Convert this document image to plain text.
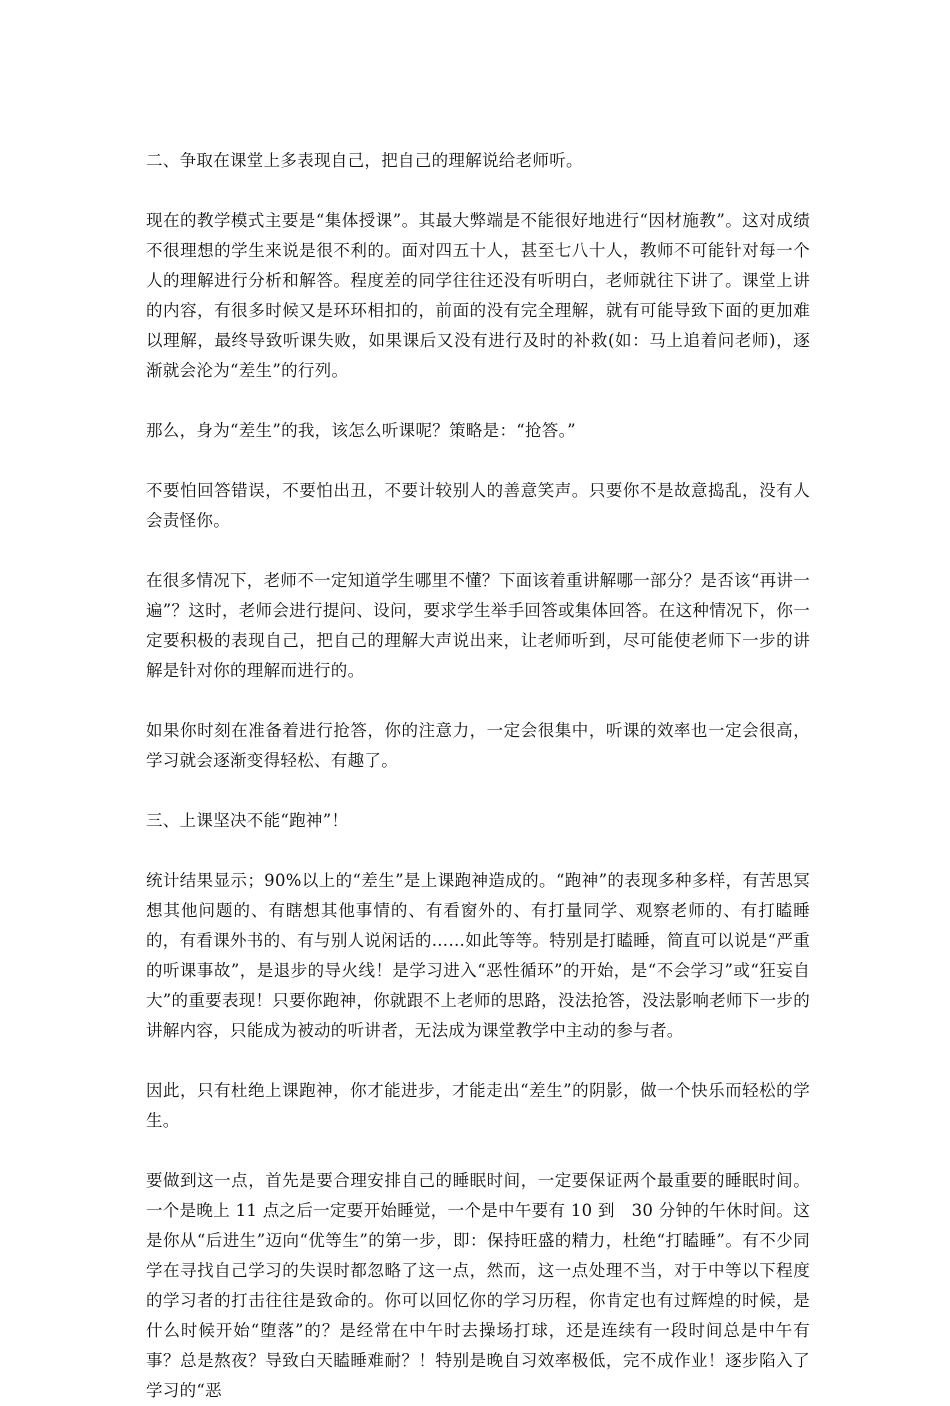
二、争取在课堂上多表现自己，把自己的理解说给老师听。

现在的教学模式主要是“集体授课”。其最大弊端是不能很好地进行“因材施教”。这对成绩不很理想的学生来说是很不利的。面对四五十人，甚至七八十人，教师不可能针对每一个人的理解进行分析和解答。程度差的同学往往还没有听明白，老师就往下讲了。课堂上讲的内容，有很多时候又是环环相扣的，前面的没有完全理解，就有可能导致下面的更加难以理解，最终导致听课失败，如果课后又没有进行及时的补救(如：马上追着问老师)，逐渐就会沦为“差生”的行列。

那么，身为“差生”的我，该怎么听课呢？策略是：“抢答。”

不要怕回答错误，不要怕出丑，不要计较别人的善意笑声。只要你不是故意捣乱，没有人会责怪你。

在很多情况下，老师不一定知道学生哪里不懂？下面该着重讲解哪一部分？是否该“再讲一遍”？这时，老师会进行提问、设问，要求学生举手回答或集体回答。在这种情况下，你一定要积极的表现自己，把自己的理解大声说出来，让老师听到，尽可能使老师下一步的讲解是针对你的理解而进行的。

如果你时刻在准备着进行抢答，你的注意力，一定会很集中，听课的效率也一定会很高，学习就会逐渐变得轻松、有趣了。

三、上课坚决不能“跑神”！

统计结果显示；90%以上的“差生”是上课跑神造成的。“跑神”的表现多种多样，有苦思冥想其他问题的、有瞎想其他事情的、有看窗外的、有打量同学、观察老师的、有打瞌睡的，有看课外书的、有与别人说闲话的……如此等等。特别是打瞌睡，简直可以说是“严重的听课事故”，是退步的导火线！是学习进入“恶性循环”的开始，是“不会学习”或“狂妄自大”的重要表现！只要你跑神，你就跟不上老师的思路，没法抢答，没法影响老师下一步的讲解内容，只能成为被动的听讲者，无法成为课堂教学中主动的参与者。

因此，只有杜绝上课跑神，你才能进步，才能走出“差生”的阴影，做一个快乐而轻松的学生。

要做到这一点，首先是要合理安排自己的睡眠时间，一定要保证两个最重要的睡眠时间。一个是晚上 11 点之后一定要开始睡觉，一个是中午要有 10 到　30 分钟的午休时间。这是你从“后进生”迈向“优等生”的第一步，即：保持旺盛的精力，杜绝“打瞌睡”。有不少同学在寻找自己学习的失误时都忽略了这一点，然而，这一点处理不当，对于中等以下程度的学习者的打击往往是致命的。你可以回忆你的学习历程，你肯定也有过辉煌的时候，是什么时候开始“堕落”的？是经常在中午时去操场打球，还是连续有一段时间总是中午有事？总是熬夜？导致白天瞌睡难耐？！特别是晚自习效率极低，完不成作业！逐步陷入了学习的“恶
